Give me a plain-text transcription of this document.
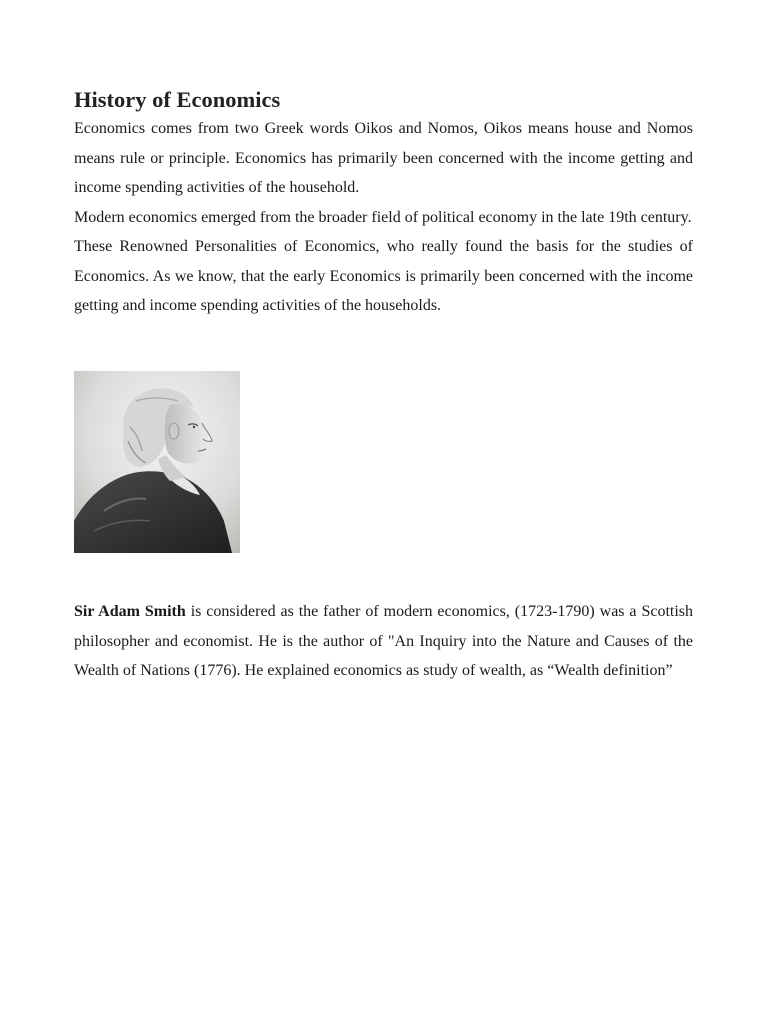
History of Economics

Economics comes from two Greek words Oikos and Nomos, Oikos means house and Nomos means rule or principle. Economics has primarily been concerned with the income getting and income spending activities of the household.

Modern economics emerged from the broader field of political economy in the late 19th century.

These Renowned Personalities of Economics, who really found the basis for the studies of Economics. As we know, that the early Economics is primarily been concerned with the income getting and income spending activities of the households.

Sir Adam Smith is considered as the father of modern economics, (1723-1790) was a Scottish philosopher and economist. He is the author of "An Inquiry into the Nature and Causes of the Wealth of Nations (1776). He explained economics as study of wealth, as “Wealth definition”
